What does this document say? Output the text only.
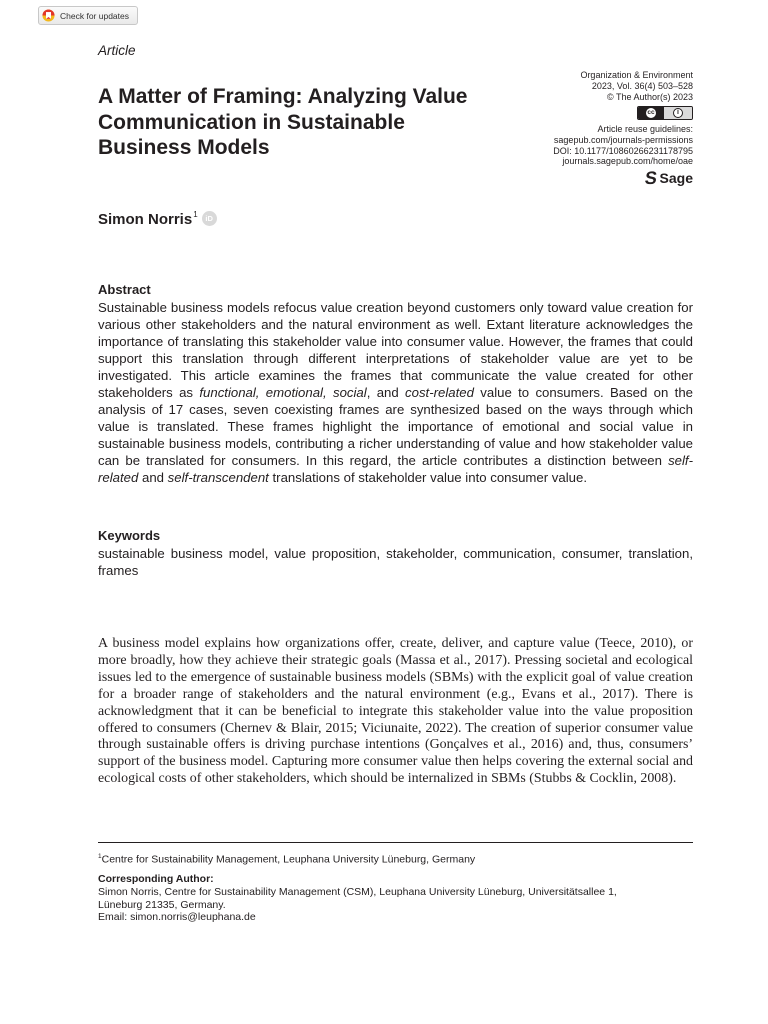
Check for updates
Article
A Matter of Framing: Analyzing Value Communication in Sustainable Business Models
Organization & Environment
2023, Vol. 36(4) 503–528
© The Author(s) 2023
cc	i
Article reuse guidelines:
sagepub.com/journals-permissions
DOI: 10.1177/10860266231178795
journals.sagepub.com/home/oae
S Sage
Simon Norris$^1$	iD
Abstract

Sustainable business models refocus value creation beyond customers only toward value creation for various other stakeholders and the natural environment as well. Extant literature acknowledges the importance of translating this stakeholder value into consumer value. However, the frames that could support this translation through different interpretations of stakeholder value are yet to be investigated. This article examines the frames that communicate the value created for other stakeholders as functional, emotional, social, and cost-related value to consumers. Based on the analysis of 17 cases, seven coexisting frames are synthesized based on the ways through which value is translated. These frames highlight the importance of emotional and social value in sustainable business models, contributing a richer understanding of value and how stakeholder value can be translated for consumers. In this regard, the article contributes a distinction between self-related and self-transcendent translations of stakeholder value into consumer value.

Keywords

sustainable business model, value proposition, stakeholder, communication, consumer, translation, frames

A business model explains how organizations offer, create, deliver, and capture value (Teece, 2010), or more broadly, how they achieve their strategic goals (Massa et al., 2017). Pressing societal and ecological issues led to the emergence of sustainable business models (SBMs) with the explicit goal of value creation for a broader range of stakeholders and the natural environment (e.g., Evans et al., 2017). There is acknowledgment that it can be beneficial to integrate this stakeholder value into the value proposition offered to consumers (Chernev & Blair, 2015; Viciunaite, 2022). The creation of superior consumer value through sustainable offers is driving purchase intentions (Gonçalves et al., 2016) and, thus, consumers’ support of the business model. Capturing more consumer value then helps covering the external social and ecological costs of other stakeholders, which should be internalized in SBMs (Stubbs & Cocklin, 2008).

$^1$Centre for Sustainability Management, Leuphana University Lüneburg, Germany
Corresponding Author:
Simon Norris, Centre for Sustainability Management (CSM), Leuphana University Lüneburg, Universitätsallee 1,
Lüneburg 21335, Germany.
Email: simon.norris@leuphana.de
